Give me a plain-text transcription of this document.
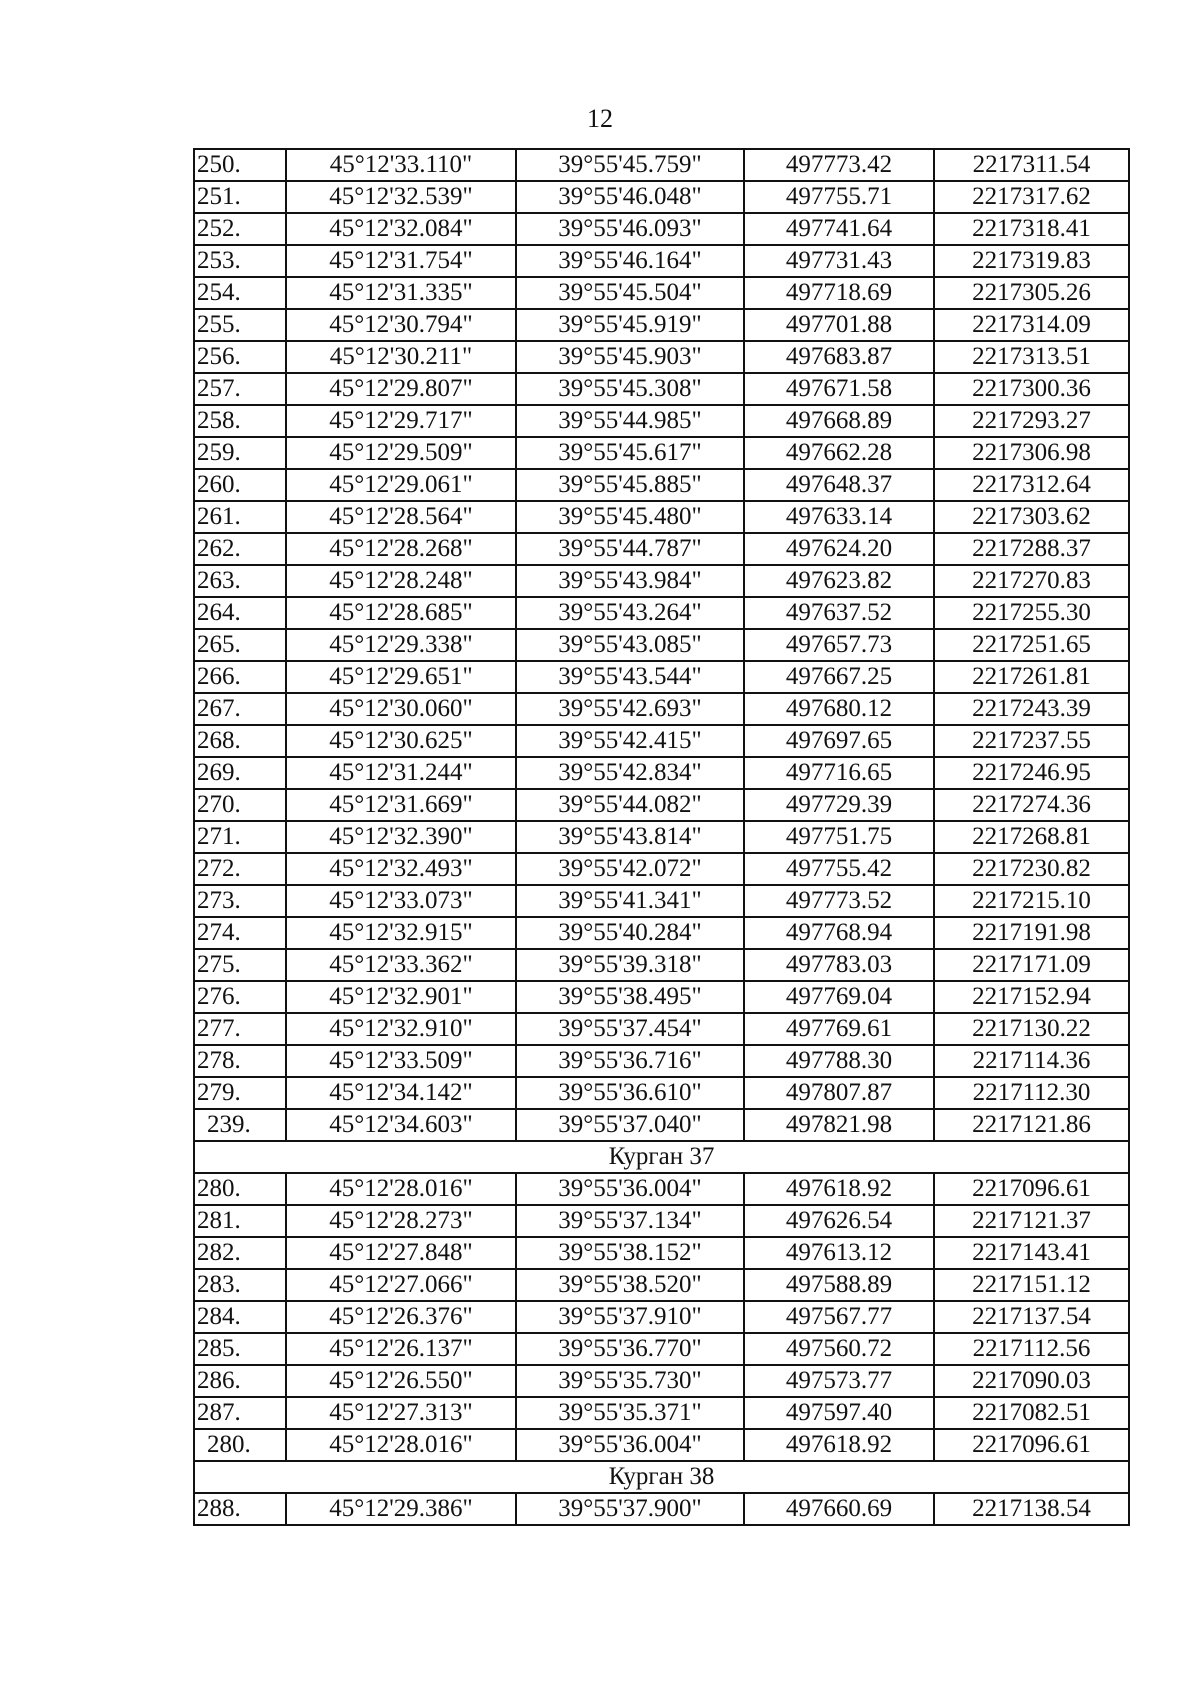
12
250.	45°12'33.110"	39°55'45.759"	497773.42	2217311.54
251.	45°12'32.539"	39°55'46.048"	497755.71	2217317.62
252.	45°12'32.084"	39°55'46.093"	497741.64	2217318.41
253.	45°12'31.754"	39°55'46.164"	497731.43	2217319.83
254.	45°12'31.335"	39°55'45.504"	497718.69	2217305.26
255.	45°12'30.794"	39°55'45.919"	497701.88	2217314.09
256.	45°12'30.211"	39°55'45.903"	497683.87	2217313.51
257.	45°12'29.807"	39°55'45.308"	497671.58	2217300.36
258.	45°12'29.717"	39°55'44.985"	497668.89	2217293.27
259.	45°12'29.509"	39°55'45.617"	497662.28	2217306.98
260.	45°12'29.061"	39°55'45.885"	497648.37	2217312.64
261.	45°12'28.564"	39°55'45.480"	497633.14	2217303.62
262.	45°12'28.268"	39°55'44.787"	497624.20	2217288.37
263.	45°12'28.248"	39°55'43.984"	497623.82	2217270.83
264.	45°12'28.685"	39°55'43.264"	497637.52	2217255.30
265.	45°12'29.338"	39°55'43.085"	497657.73	2217251.65
266.	45°12'29.651"	39°55'43.544"	497667.25	2217261.81
267.	45°12'30.060"	39°55'42.693"	497680.12	2217243.39
268.	45°12'30.625"	39°55'42.415"	497697.65	2217237.55
269.	45°12'31.244"	39°55'42.834"	497716.65	2217246.95
270.	45°12'31.669"	39°55'44.082"	497729.39	2217274.36
271.	45°12'32.390"	39°55'43.814"	497751.75	2217268.81
272.	45°12'32.493"	39°55'42.072"	497755.42	2217230.82
273.	45°12'33.073"	39°55'41.341"	497773.52	2217215.10
274.	45°12'32.915"	39°55'40.284"	497768.94	2217191.98
275.	45°12'33.362"	39°55'39.318"	497783.03	2217171.09
276.	45°12'32.901"	39°55'38.495"	497769.04	2217152.94
277.	45°12'32.910"	39°55'37.454"	497769.61	2217130.22
278.	45°12'33.509"	39°55'36.716"	497788.30	2217114.36
279.	45°12'34.142"	39°55'36.610"	497807.87	2217112.30
239.	45°12'34.603"	39°55'37.040"	497821.98	2217121.86
Курган 37				
280.	45°12'28.016"	39°55'36.004"	497618.92	2217096.61
281.	45°12'28.273"	39°55'37.134"	497626.54	2217121.37
282.	45°12'27.848"	39°55'38.152"	497613.12	2217143.41
283.	45°12'27.066"	39°55'38.520"	497588.89	2217151.12
284.	45°12'26.376"	39°55'37.910"	497567.77	2217137.54
285.	45°12'26.137"	39°55'36.770"	497560.72	2217112.56
286.	45°12'26.550"	39°55'35.730"	497573.77	2217090.03
287.	45°12'27.313"	39°55'35.371"	497597.40	2217082.51
280.	45°12'28.016"	39°55'36.004"	497618.92	2217096.61
Курган 38				
288.	45°12'29.386"	39°55'37.900"	497660.69	2217138.54
